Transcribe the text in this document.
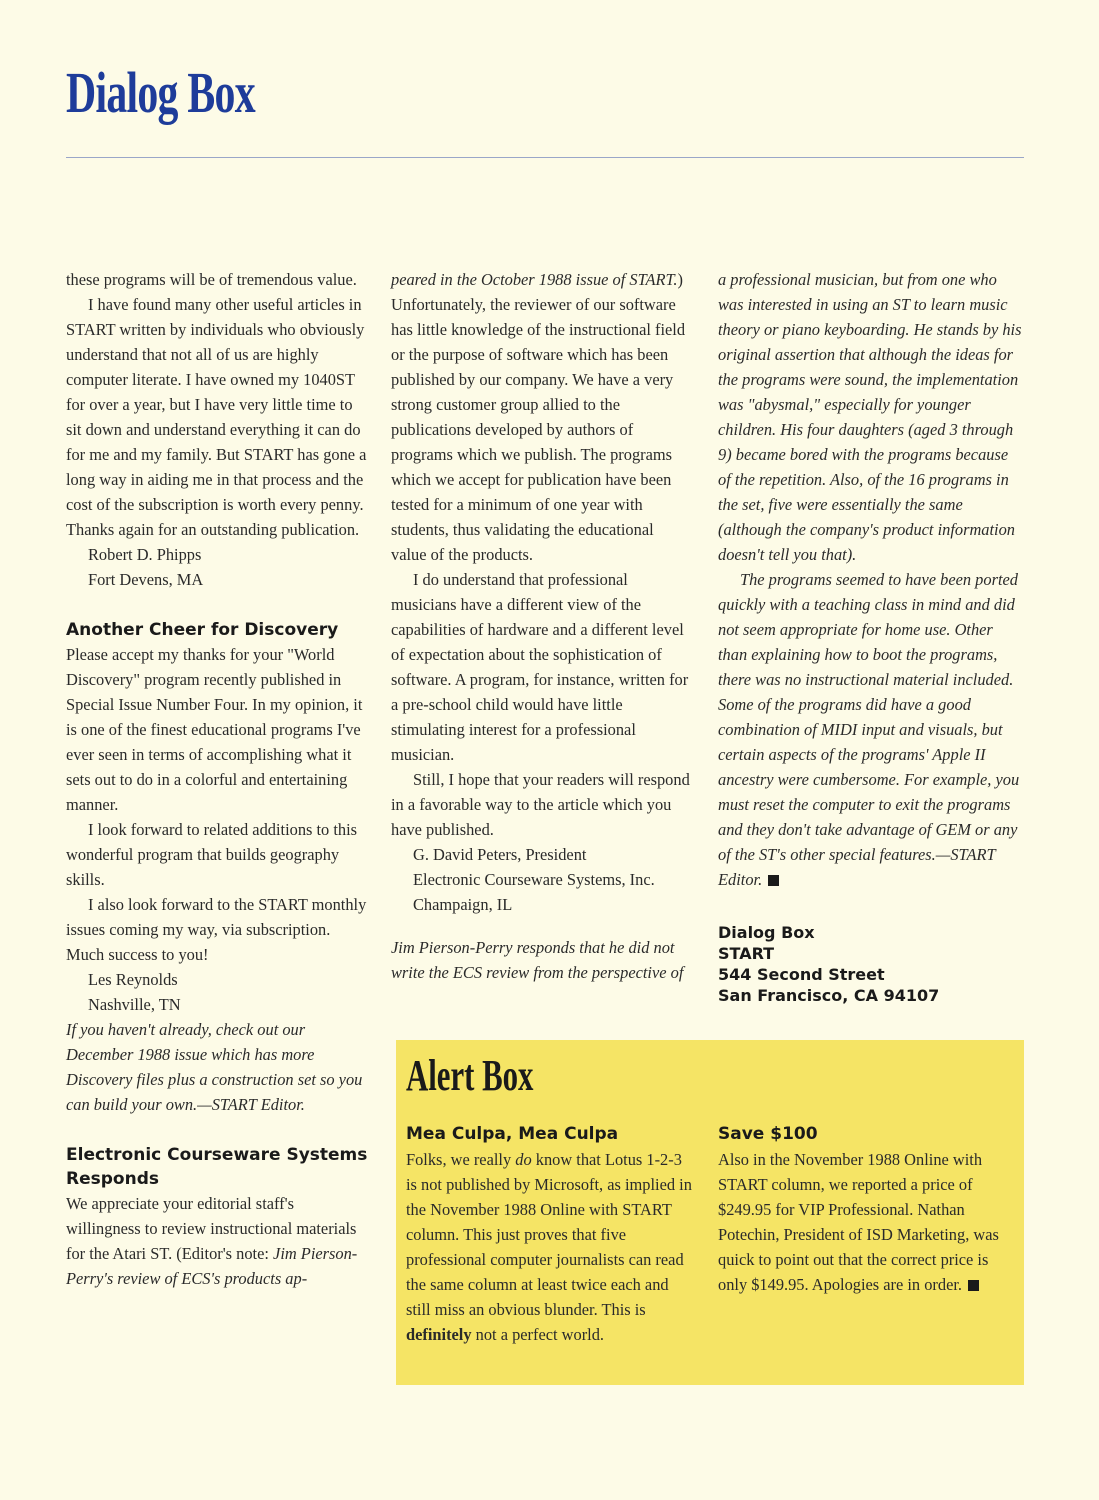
Dialog Box

these programs will be of tremendous value.

I have found many other useful articles in START written by individuals who obviously understand that not all of us are highly computer literate. I have owned my 1040ST for over a year, but I have very little time to sit down and understand everything it can do for me and my family. But START has gone a long way in aiding me in that process and the cost of the subscription is worth every penny. Thanks again for an outstanding publication.

Robert D. Phipps

Fort Devens, MA

Another Cheer for Discovery

Please accept my thanks for your "World Discovery" program recently published in Special Issue Number Four. In my opinion, it is one of the finest educational programs I've ever seen in terms of accomplishing what it sets out to do in a colorful and entertaining manner.

I look forward to related additions to this wonderful program that builds geography skills.

I also look forward to the START monthly issues coming my way, via subscription. Much success to you!

Les Reynolds

Nashville, TN

If you haven't already, check out our December 1988 issue which has more Discovery files plus a construction set so you can build your own.—START Editor.

Electronic Courseware Systems Responds

We appreciate your editorial staff's willingness to review instructional materials for the Atari ST. (Editor's note: Jim Pierson-Perry's review of ECS's products ap-

peared in the October 1988 issue of START.) Unfortunately, the reviewer of our software has little knowledge of the instructional field or the purpose of software which has been published by our company. We have a very strong customer group allied to the publications developed by authors of programs which we publish. The programs which we accept for publication have been tested for a minimum of one year with students, thus validating the educational value of the products.

I do understand that professional musicians have a different view of the capabilities of hardware and a different level of expectation about the sophistication of software. A program, for instance, written for a pre-school child would have little stimulating interest for a professional musician.

Still, I hope that your readers will respond in a favorable way to the article which you have published.

G. David Peters, President

Electronic Courseware Systems, Inc.

Champaign, IL

Jim Pierson-Perry responds that he did not write the ECS review from the perspective of

a professional musician, but from one who was interested in using an ST to learn music theory or piano keyboarding. He stands by his original assertion that although the ideas for the programs were sound, the implementation was "abysmal," especially for younger children. His four daughters (aged 3 through 9) became bored with the programs because of the repetition. Also, of the 16 programs in the set, five were essentially the same (although the company's product information doesn't tell you that).

The programs seemed to have been ported quickly with a teaching class in mind and did not seem appropriate for home use. Other than explaining how to boot the programs, there was no instructional material included. Some of the programs did have a good combination of MIDI input and visuals, but certain aspects of the programs' Apple II ancestry were cumbersome. For example, you must reset the computer to exit the programs and they don't take advantage of GEM or any of the ST's other special features.—START Editor.

Dialog Box
START
544 Second Street
San Francisco, CA 94107
Alert Box
Mea Culpa, Mea Culpa

Folks, we really do know that Lotus 1-2-3 is not published by Microsoft, as implied in the November 1988 Online with START column. This just proves that five professional computer journalists can read the same column at least twice each and still miss an obvious blunder. This is definitely not a perfect world.

Save $100

Also in the November 1988 Online with START column, we reported a price of $249.95 for VIP Professional. Nathan Potechin, President of ISD Marketing, was quick to point out that the correct price is only $149.95. Apologies are in order.
